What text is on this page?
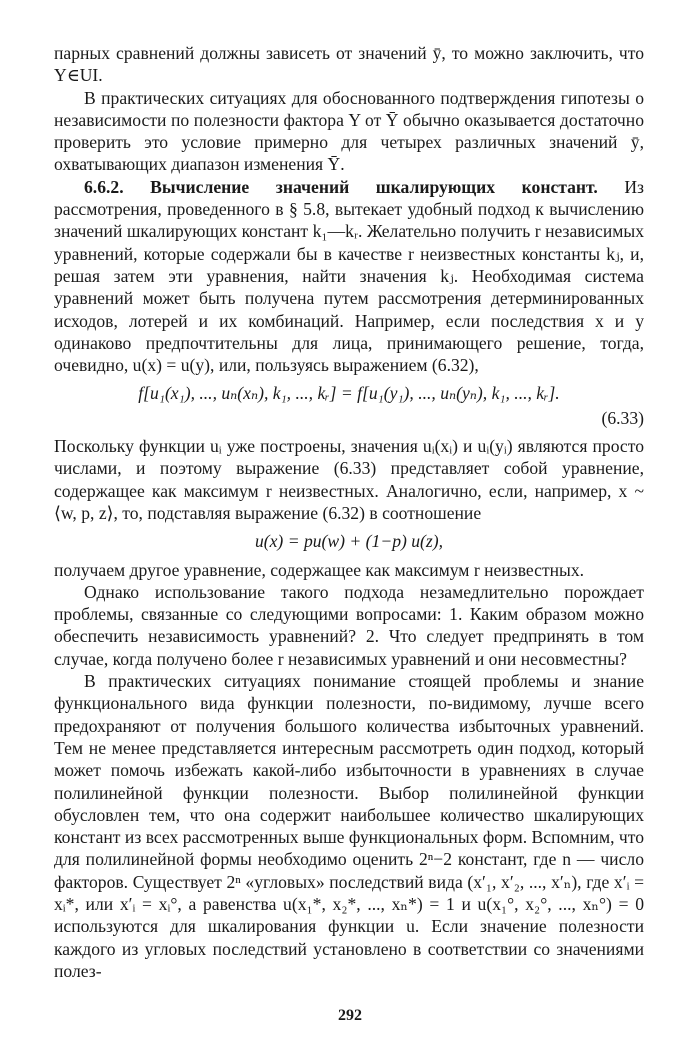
парных сравнений должны зависеть от значений ȳ, то можно заключить, что Y∈UI.

В практических ситуациях для обоснованного подтверждения гипотезы о независимости по полезности фактора Y от Ȳ обычно оказывается достаточно проверить это условие примерно для четырех различных значений ȳ, охватывающих диапазон изменения Ȳ.

6.6.2. Вычисление значений шкалирующих констант. Из рассмотрения, проведенного в § 5.8, вытекает удобный подход к вычислению значений шкалирующих констант k₁—kᵣ. Желательно получить r независимых уравнений, которые содержали бы в качестве r неизвестных константы kⱼ, и, решая затем эти уравнения, найти значения kⱼ. Необходимая система уравнений может быть получена путем рассмотрения детерминированных исходов, лотерей и их комбинаций. Например, если последствия x и y одинаково предпочтительны для лица, принимающего решение, тогда, очевидно, u(x) = u(y), или, пользуясь выражением (6.32),

f[u₁(x₁), ..., uₙ(xₙ), k₁, ..., kᵣ] = f[u₁(y₁), ..., uₙ(yₙ), k₁, ..., kᵣ].
(6.33)

Поскольку функции uᵢ уже построены, значения uᵢ(xᵢ) и uᵢ(yᵢ) являются просто числами, и поэтому выражение (6.33) представляет собой уравнение, содержащее как максимум r неизвестных. Аналогично, если, например, x ~ ⟨w, p, z⟩, то, подставляя выражение (6.32) в соотношение

u(x) = pu(w) + (1−p) u(z),

получаем другое уравнение, содержащее как максимум r неизвестных.

Однако использование такого подхода незамедлительно порождает проблемы, связанные со следующими вопросами: 1. Каким образом можно обеспечить независимость уравнений? 2. Что следует предпринять в том случае, когда получено более r независимых уравнений и они несовместны?

В практических ситуациях понимание стоящей проблемы и знание функционального вида функции полезности, по-видимому, лучше всего предохраняют от получения большого количества избыточных уравнений. Тем не менее представляется интересным рассмотреть один подход, который может помочь избежать какой-либо избыточности в уравнениях в случае полилинейной функции полезности. Выбор полилинейной функции обусловлен тем, что она содержит наибольшее количество шкалирующих констант из всех рассмотренных выше функциональных форм. Вспомним, что для полилинейной формы необходимо оценить 2ⁿ−2 констант, где n — число факторов. Существует 2ⁿ «угловых» последствий вида (x′₁, x′₂, ..., x′ₙ), где x′ᵢ = xᵢ*, или x′ᵢ = xᵢ°, а равенства u(x₁*, x₂*, ..., xₙ*) = 1 и u(x₁°, x₂°, ..., xₙ°) = 0 используются для шкалирования функции u. Если значение полезности каждого из угловых последствий установлено в соответствии со значениями полез-

292
